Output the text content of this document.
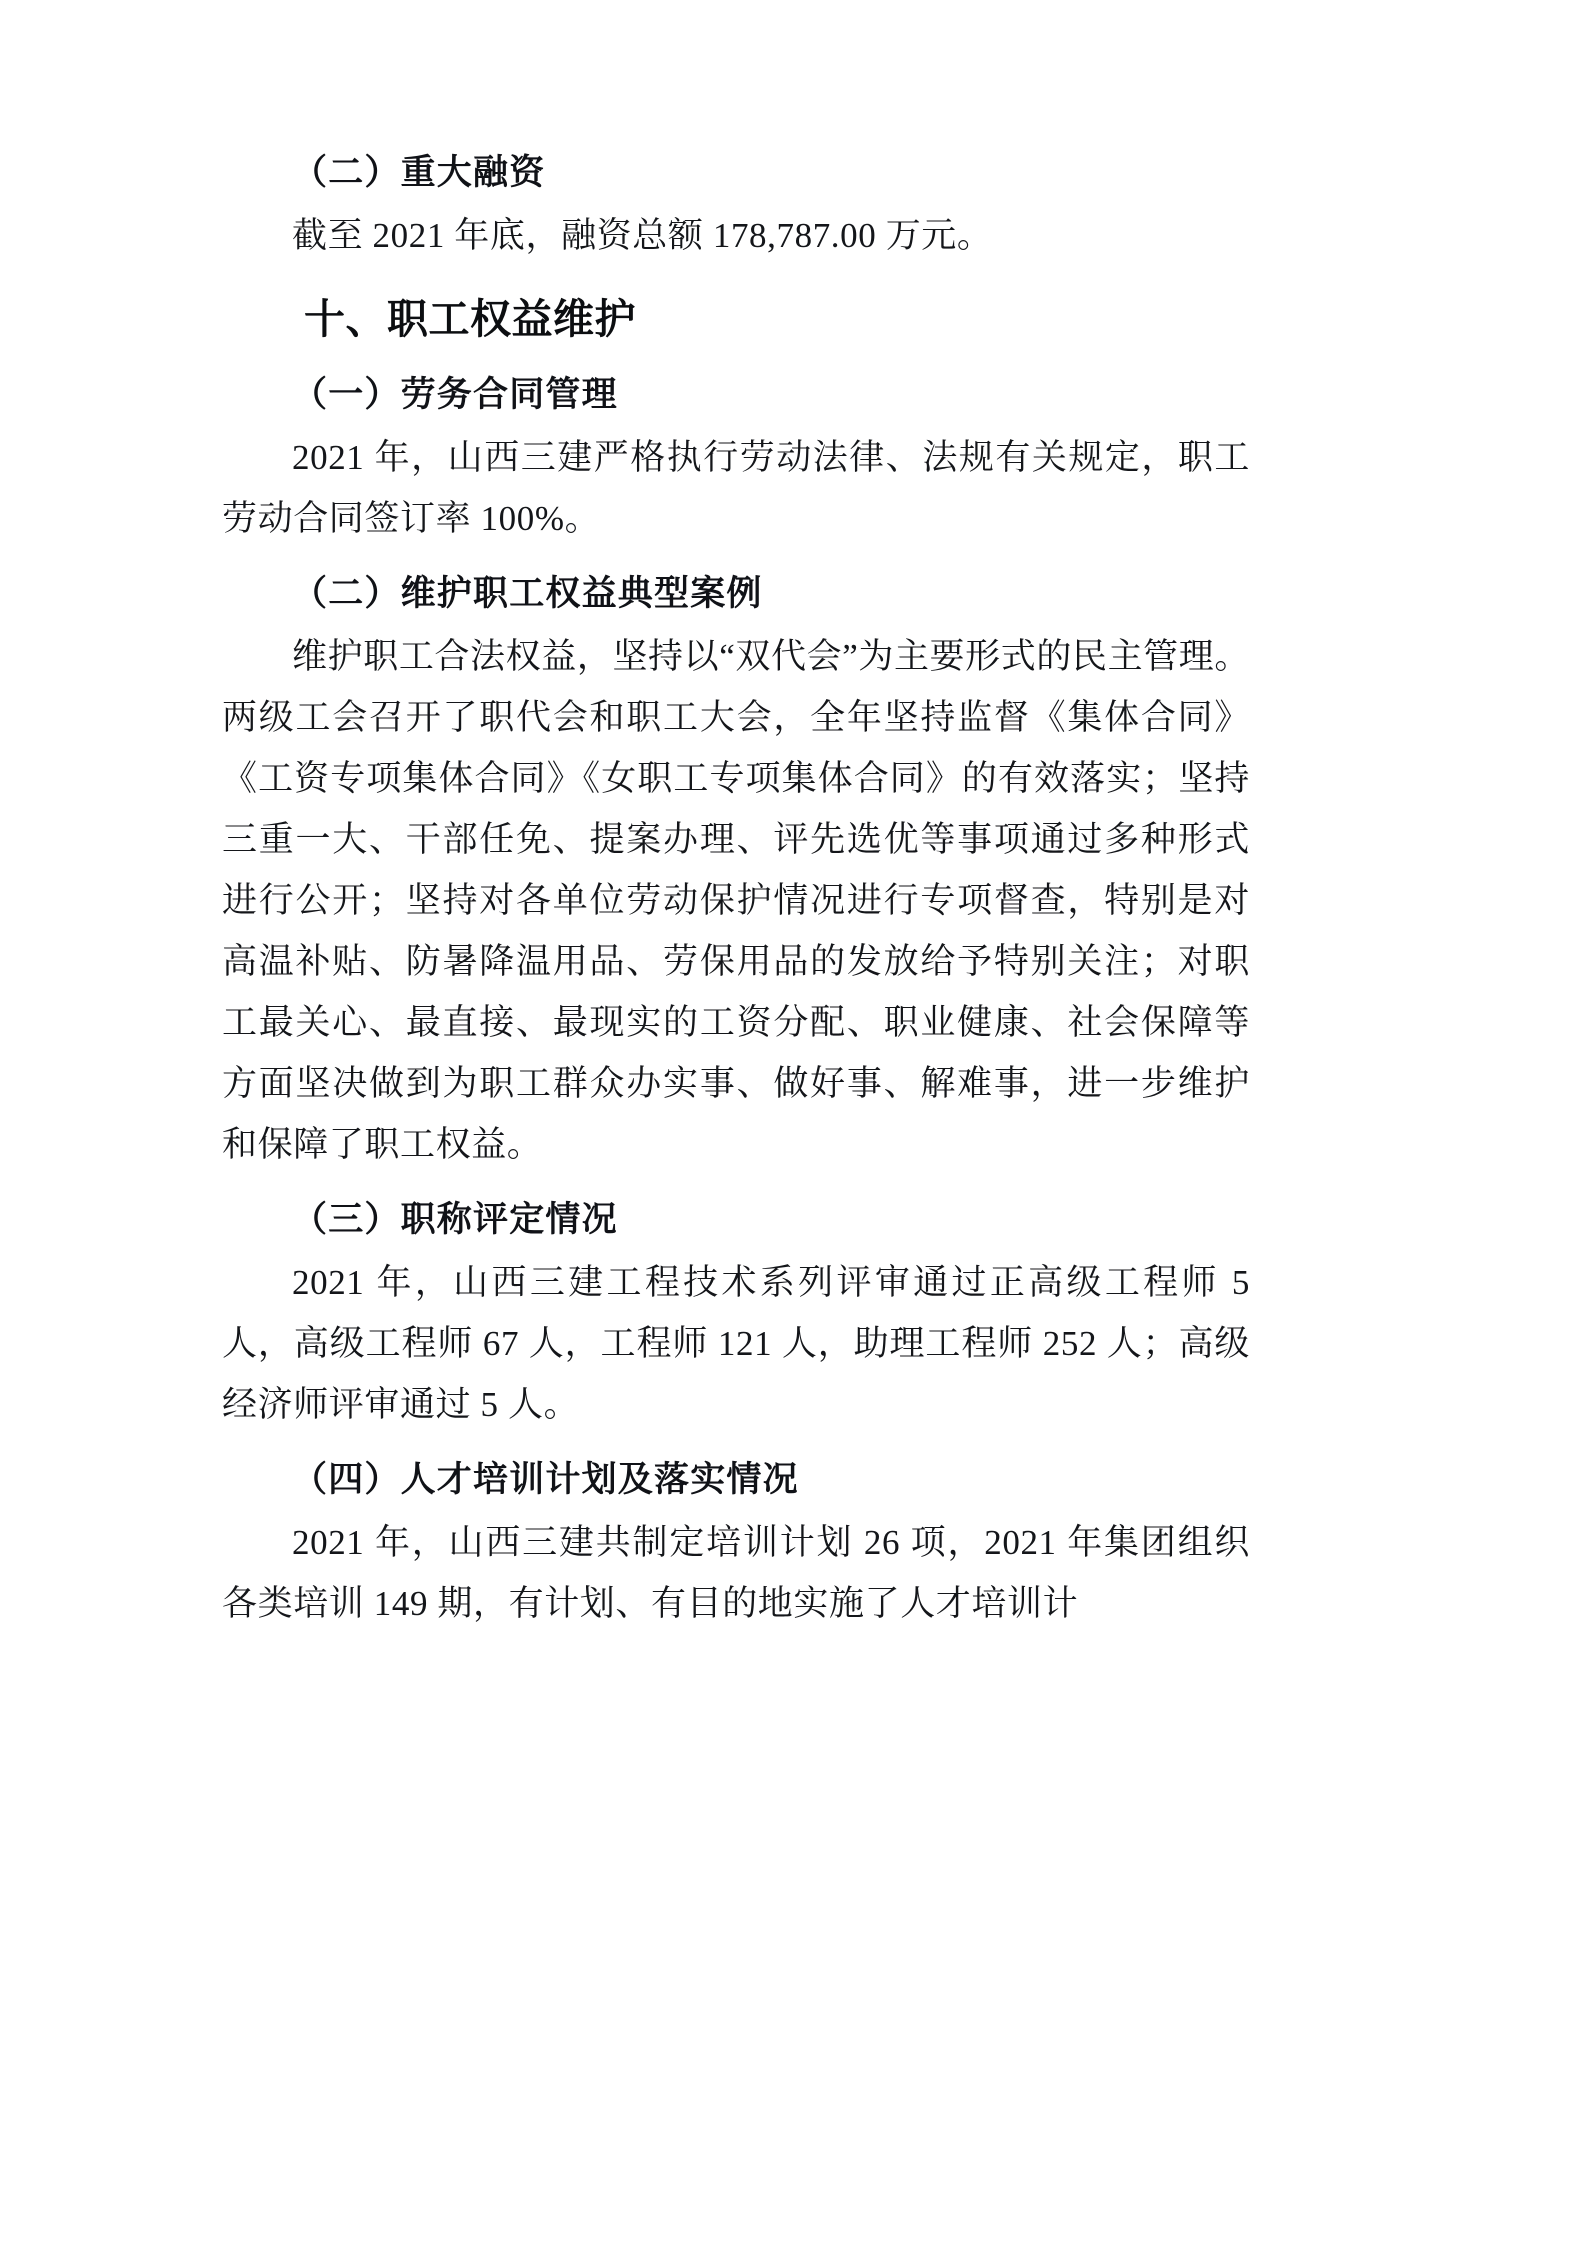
（二）重大融资

截至 2021 年底，融资总额 178,787.00 万元。

十、职工权益维护
（一）劳务合同管理

2021 年，山西三建严格执行劳动法律、法规有关规定，职工劳动合同签订率 100%。

（二）维护职工权益典型案例

维护职工合法权益，坚持以“双代会”为主要形式的民主管理。两级工会召开了职代会和职工大会，全年坚持监督《集体合同》《工资专项集体合同》《女职工专项集体合同》的有效落实；坚持三重一大、干部任免、提案办理、评先选优等事项通过多种形式进行公开；坚持对各单位劳动保护情况进行专项督查，特别是对高温补贴、防暑降温用品、劳保用品的发放给予特别关注；对职工最关心、最直接、最现实的工资分配、职业健康、社会保障等方面坚决做到为职工群众办实事、做好事、解难事，进一步维护和保障了职工权益。

（三）职称评定情况

2021 年，山西三建工程技术系列评审通过正高级工程师 5 人，高级工程师 67 人，工程师 121 人，助理工程师 252 人；高级经济师评审通过 5 人。

（四）人才培训计划及落实情况

2021 年，山西三建共制定培训计划 26 项，2021 年集团组织各类培训 149 期，有计划、有目的地实施了人才培训计
